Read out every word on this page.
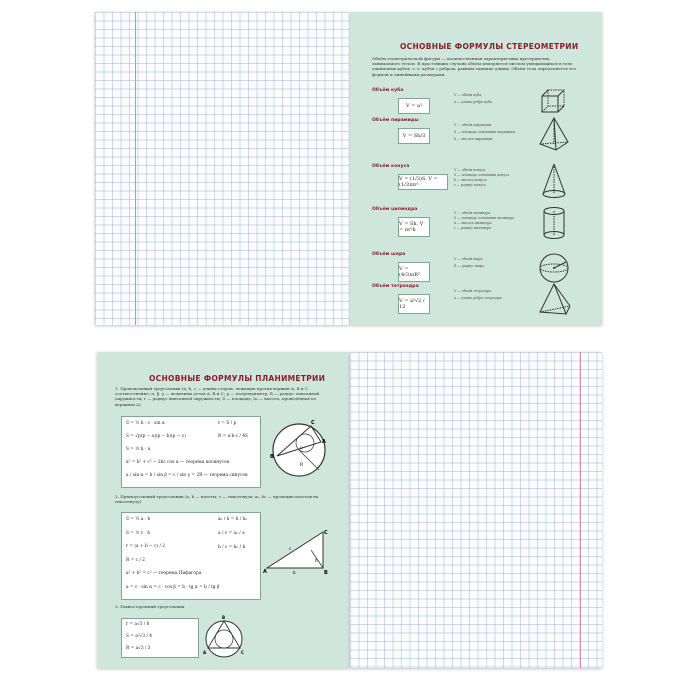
ОСНОВНЫЕ ФОРМУЛЫ СТЕРЕОМЕТРИИ
Объём геометрической фигуры — количественная характеристика пространства, занимаемого телом. В простейших случаях объём измеряется числом умещающихся в теле единичных кубов, т. е. кубов с ребром, равным единице длины. Объём тела определяется его формой и линейными размерами.
Объём куба
V = a³
V — объём куба
a — длина ребра куба
Объём пирамиды
V = Sh/3
V — объём пирамиды
S — площадь основания пирамиды
h — высота пирамиды
Объём конуса
V = (1/3)S, V = (1/3)πr²
V — объём конуса
S — площадь основания конуса
h — высота конуса
r — радиус конуса
Объём цилиндра
V = Sh, V = πr²h
V — объём цилиндра
S — площадь основания цилиндра
h — высота цилиндра
r — радиус цилиндра
Объём шара
V = (4/3)πR³
V — объём шара
R — радиус шара
Объём тетраэдра
V = a³√2 / 12
V — объём тетраэдра
a — длина ребра тетраэдра
ОСНОВНЫЕ ФОРМУЛЫ ПЛАНИМЕТРИИ
1. Произвольный треугольник (a, b, c — длины сторон, лежащих против вершин A, B и C соответственно; α, β, γ — величины углов A, B и C; p — полупериметр; R — радиус описанной окружности; r — радиус вписанной окружности; S — площадь; hₐ — высота, проведённая из вершины A)
S = ½ b · c · sin α
S = √p(p − a)(p − b)(p − c)
S = ½ h · a
a² = b² + c² − 2bc cos α — теорема косинусов
a / sin α = b / sin β = c / sin γ = 2R — теорема синусов
r = S / p
R = a·b·c / 4S
B
A
C
R
O
2. Прямоугольный треугольник (a, b — катеты; c — гипотенуза; aₙ, bₙ — проекции катетов на гипотенузу)
S = ½ a · b
S = ½ c · h
r = (a + b − c) / 2
R = c / 2
a² + b² = c² — теорема Пифагора
a = c · sin α = c · cos β = b · tg α = b / tg β
aₙ / h = h / bₙ
a / c = aₙ / a
b / c = bₙ / b
A	B
C
b
c
h
3. Равносторонний треугольник
r = a√3 / 6
S = a²√3 / 4
R = a√3 / 3
B
A	C
